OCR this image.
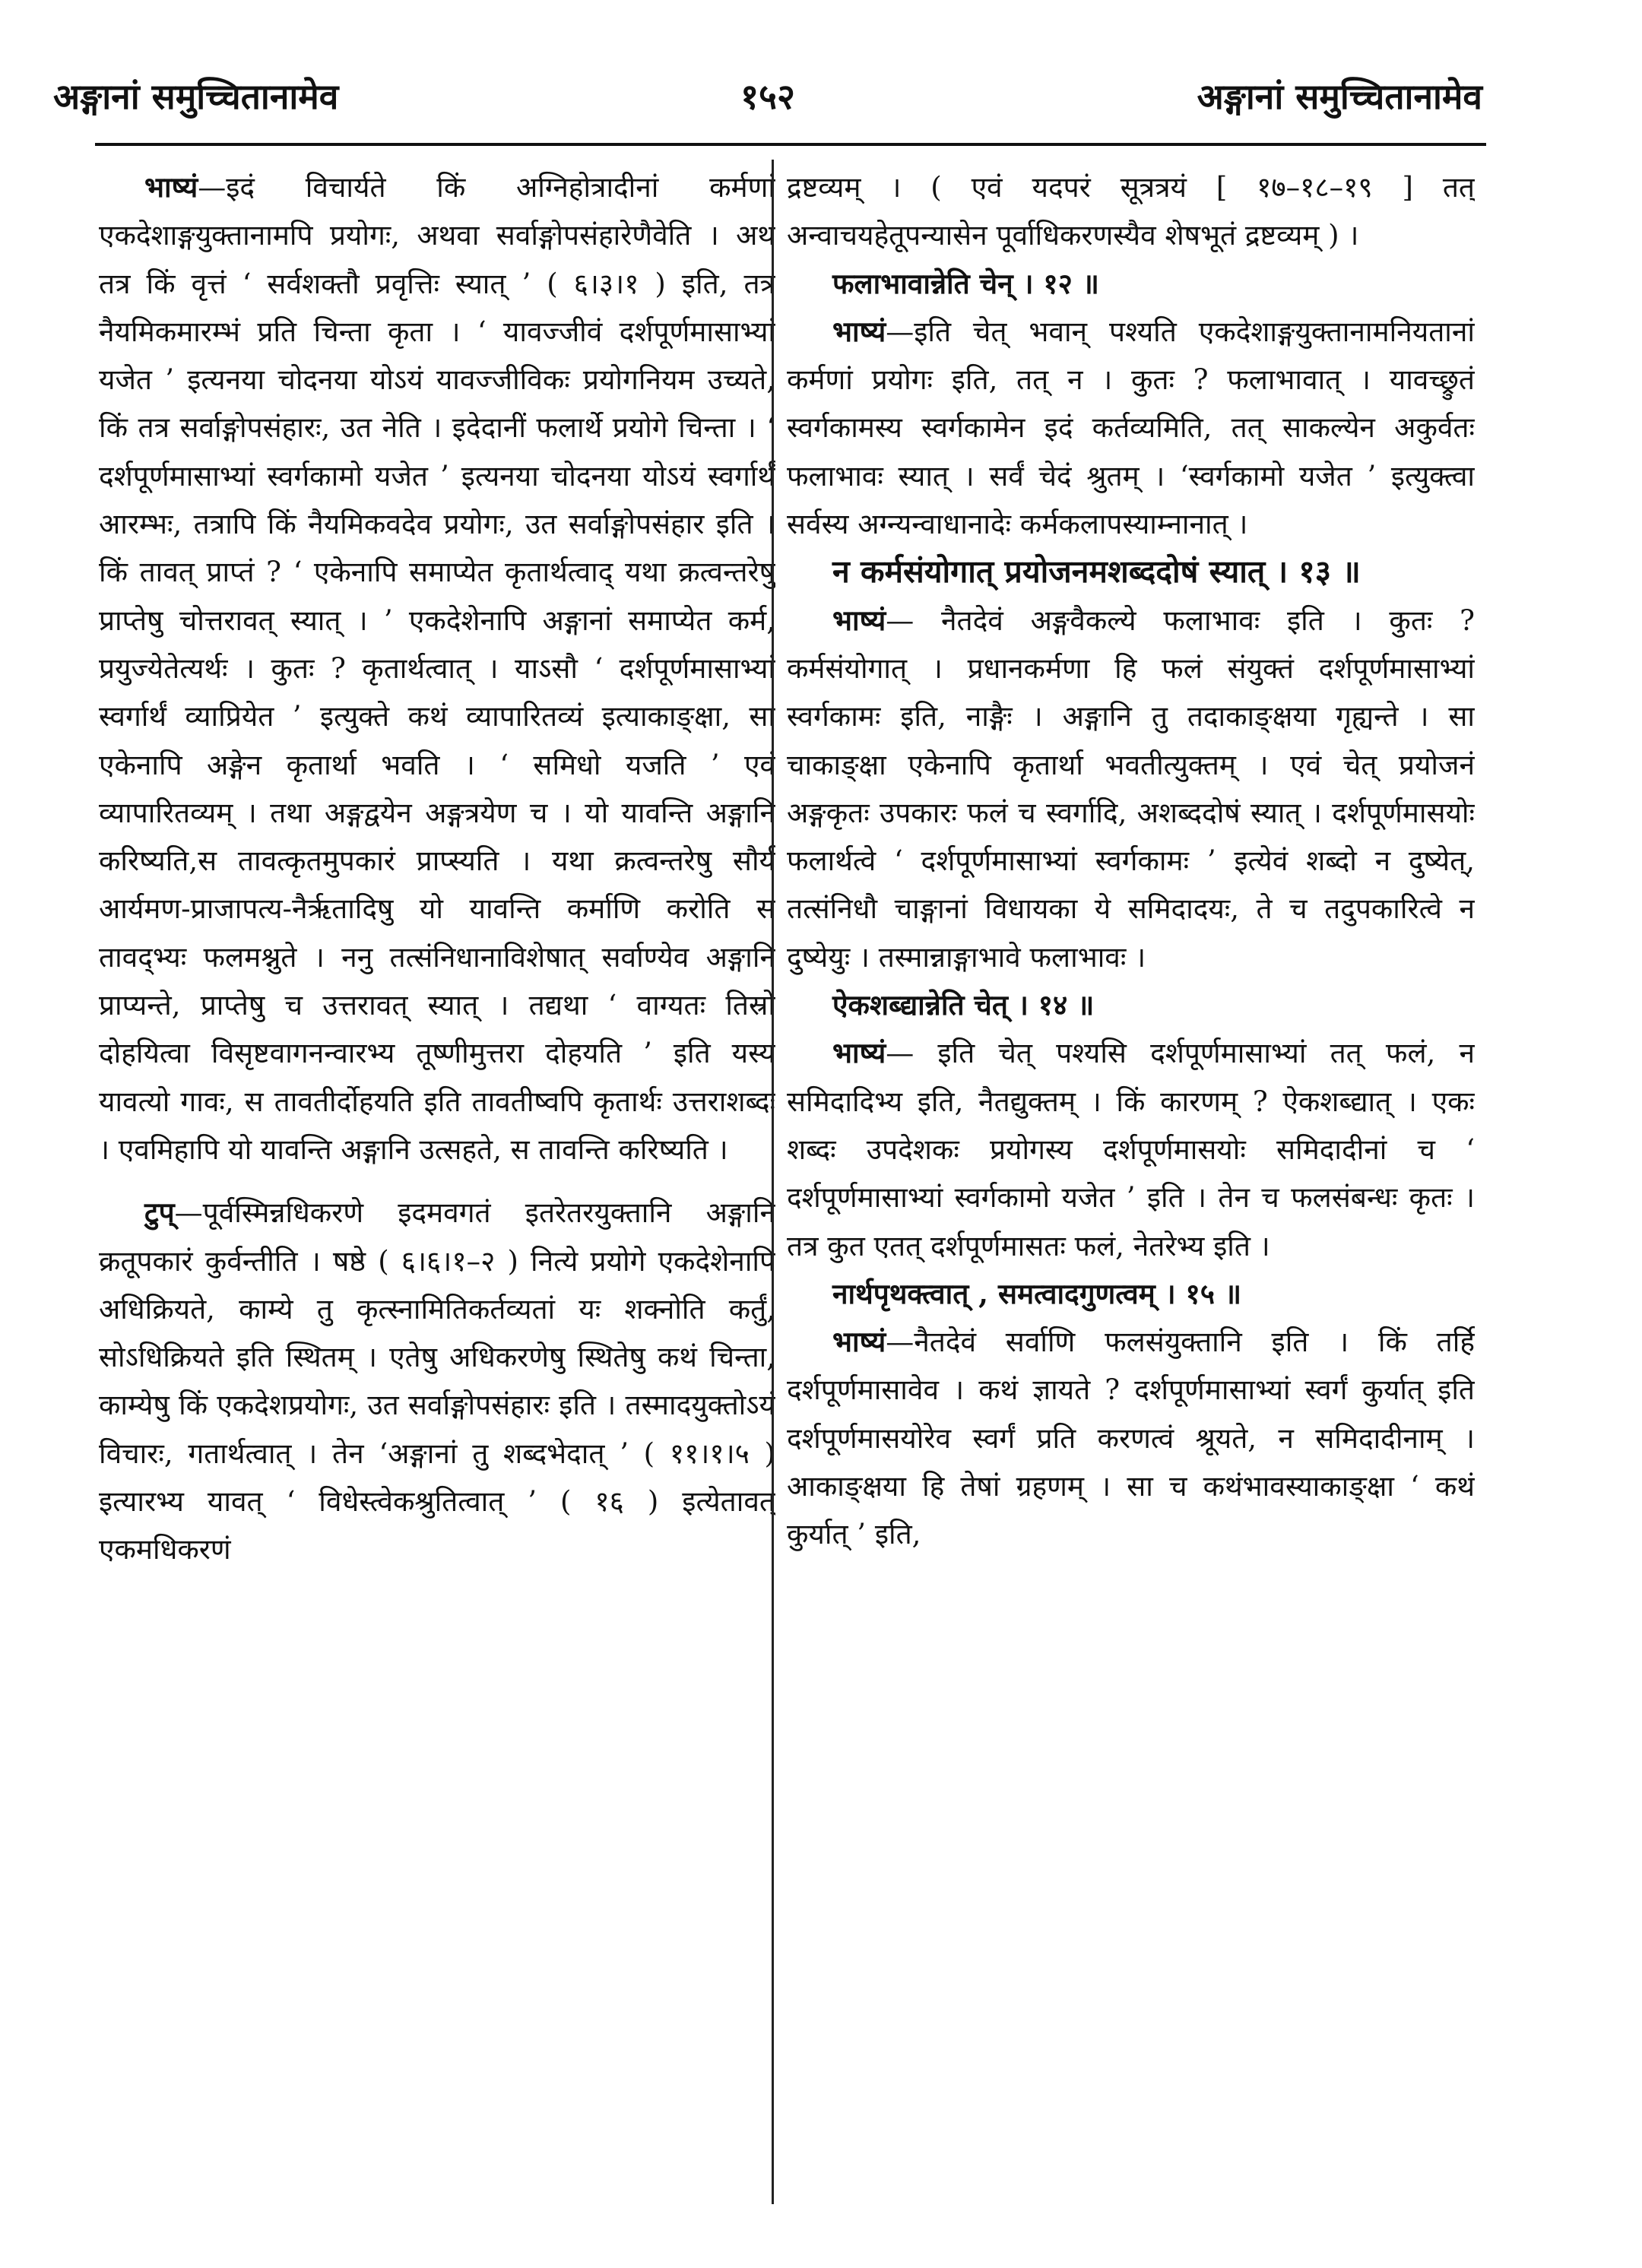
अङ्गानां समुच्चितानामेव	१५२	अङ्गानां समुच्चितानामेव

भाष्यं—इदं विचार्यते किं अग्निहोत्रादीनां कर्मणां एकदेशाङ्गयुक्तानामपि प्रयोगः, अथवा सर्वाङ्गोपसंहारेणैवेति । अथ तत्र किं वृत्तं ‘ सर्वशक्तौ प्रवृत्तिः स्यात् ’ ( ६।३।१ ) इति, तत्र नैयमिकमारम्भं प्रति चिन्ता कृता । ‘ यावज्जीवं दर्शपूर्णमासाभ्यां यजेत ’ इत्यनया चोदनया योऽयं यावज्जीविकः प्रयोगनियम उच्यते, किं तत्र सर्वाङ्गोपसंहारः, उत नेति । इदेदानीं फलार्थे प्रयोगे चिन्ता । ‘ दर्शपूर्णमासाभ्यां स्वर्गकामो यजेत ’ इत्यनया चोदनया योऽयं स्वर्गार्थं आरम्भः, तत्रापि किं नैयमिकवदेव प्रयोगः, उत सर्वाङ्गोपसंहार इति । किं तावत् प्राप्तं ? ‘ एकेनापि समाप्येत कृतार्थत्वाद् यथा क्रत्वन्तरेषु प्राप्तेषु चोत्तरावत् स्यात् । ’ एकदेशेनापि अङ्गानां समाप्येत कर्म, प्रयुज्येतेत्यर्थः । कुतः ? कृतार्थत्वात् । याऽसौ ‘ दर्शपूर्णमासाभ्यां स्वर्गार्थं व्याप्रियेत ’ इत्युक्ते कथं व्यापारितव्यं इत्याकाङ्क्षा, सा एकेनापि अङ्गेन कृतार्था भवति । ‘ समिधो यजति ’ एवं व्यापारितव्यम् । तथा अङ्गद्वयेन अङ्गत्रयेण च । यो यावन्ति अङ्गानि करिष्यति,स तावत्कृतमुपकारं प्राप्स्यति । यथा क्रत्वन्तरेषु सौर्य आर्यमण-प्राजापत्य-नैर्ऋतादिषु यो यावन्ति कर्माणि करोति स तावद्भ्यः फलमश्नुते । ननु तत्संनिधानाविशेषात् सर्वाण्येव अङ्गानि प्राप्यन्ते, प्राप्तेषु च उत्तरावत् स्यात् । तद्यथा ‘ वाग्यतः तिस्रो दोहयित्वा विसृष्टवागनन्वारभ्य तूष्णीमुत्तरा दोहयति ’ इति यस्य यावत्यो गावः, स तावतीर्दोहयति इति तावतीष्वपि कृतार्थः उत्तराशब्दः । एवमिहापि यो यावन्ति अङ्गानि उत्सहते, स तावन्ति करिष्यति ।

टुप्—पूर्वस्मिन्नधिकरणे इदमवगतं इतरेतरयुक्तानि अङ्गानि क्रतूपकारं कुर्वन्तीति । षष्ठे ( ६।६।१–२ ) नित्ये प्रयोगे एकदेशेनापि अधिक्रियते, काम्ये तु कृत्स्नामितिकर्तव्यतां यः शक्नोति कर्तुं, सोऽधिक्रियते इति स्थितम् । एतेषु अधिकरणेषु स्थितेषु कथं चिन्ता, काम्येषु किं एकदेशप्रयोगः, उत सर्वाङ्गोपसंहारः इति । तस्मादयुक्तोऽयं विचारः, गतार्थत्वात् । तेन ‘अङ्गानां तु शब्दभेदात् ’ ( ११।१।५ ) इत्यारभ्य यावत् ‘ विधेस्त्वेकश्रुतित्वात् ’ ( १६ ) इत्येतावत् एकमधिकरणं

द्रष्टव्यम् । ( एवं यदपरं सूत्रत्रयं [ १७–१८–१९ ] तत् अन्वाचयहेतूपन्यासेन पूर्वाधिकरणस्यैव शेषभूतं द्रष्टव्यम् ) ।

फलाभावान्नेति चेन् । १२ ॥

भाष्यं—इति चेत् भवान् पश्यति एकदेशाङ्गयुक्तानामनियतानां कर्मणां प्रयोगः इति, तत् न । कुतः ? फलाभावात् । यावच्छ्रुतं स्वर्गकामस्य स्वर्गकामेन इदं कर्तव्यमिति, तत् साकल्येन अकुर्वतः फलाभावः स्यात् । सर्वं चेदं श्रुतम् । ‘स्वर्गकामो यजेत ’ इत्युक्त्वा सर्वस्य अग्न्यन्वाधानादेः कर्मकलापस्याम्नानात् ।

न कर्मसंयोगात् प्रयोजनमशब्ददोषं स्यात् । १३ ॥

भाष्यं— नैतदेवं अङ्गवैकल्ये फलाभावः इति । कुतः ? कर्मसंयोगात् । प्रधानकर्मणा हि फलं संयुक्तं दर्शपूर्णमासाभ्यां स्वर्गकामः इति, नाङ्गैः । अङ्गानि तु तदाकाङ्क्षया गृह्यन्ते । सा चाकाङ्क्षा एकेनापि कृतार्था भवतीत्युक्तम् । एवं चेत् प्रयोजनं अङ्गकृतः उपकारः फलं च स्वर्गादि, अशब्ददोषं स्यात् । दर्शपूर्णमासयोः फलार्थत्वे ‘ दर्शपूर्णमासाभ्यां स्वर्गकामः ’ इत्येवं शब्दो न दुष्येत्, तत्संनिधौ चाङ्गानां विधायका ये समिदादयः, ते च तदुपकारित्वे न दुष्येयुः । तस्मान्नाङ्गाभावे फलाभावः ।

ऐकशब्द्यान्नेति चेत् । १४ ॥

भाष्यं— इति चेत् पश्यसि दर्शपूर्णमासाभ्यां तत् फलं, न समिदादिभ्य इति, नैतद्युक्तम् । किं कारणम् ? ऐकशब्द्यात् । एकः शब्दः उपदेशकः प्रयोगस्य दर्शपूर्णमासयोः समिदादीनां च ‘ दर्शपूर्णमासाभ्यां स्वर्गकामो यजेत ’ इति । तेन च फलसंबन्धः कृतः । तत्र कुत एतत् दर्शपूर्णमासतः फलं, नेतरेभ्य इति ।

नार्थपृथक्त्वात् , समत्वादगुणत्वम् । १५ ॥

भाष्यं—नैतदेवं सर्वाणि फलसंयुक्तानि इति । किं तर्हि दर्शपूर्णमासावेव । कथं ज्ञायते ? दर्शपूर्णमासाभ्यां स्वर्गं कुर्यात् इति दर्शपूर्णमासयोरेव स्वर्गं प्रति करणत्वं श्रूयते, न समिदादीनाम् । आकाङ्क्षया हि तेषां ग्रहणम् । सा च कथंभावस्याकाङ्क्षा ‘ कथं कुर्यात् ’ इति,
